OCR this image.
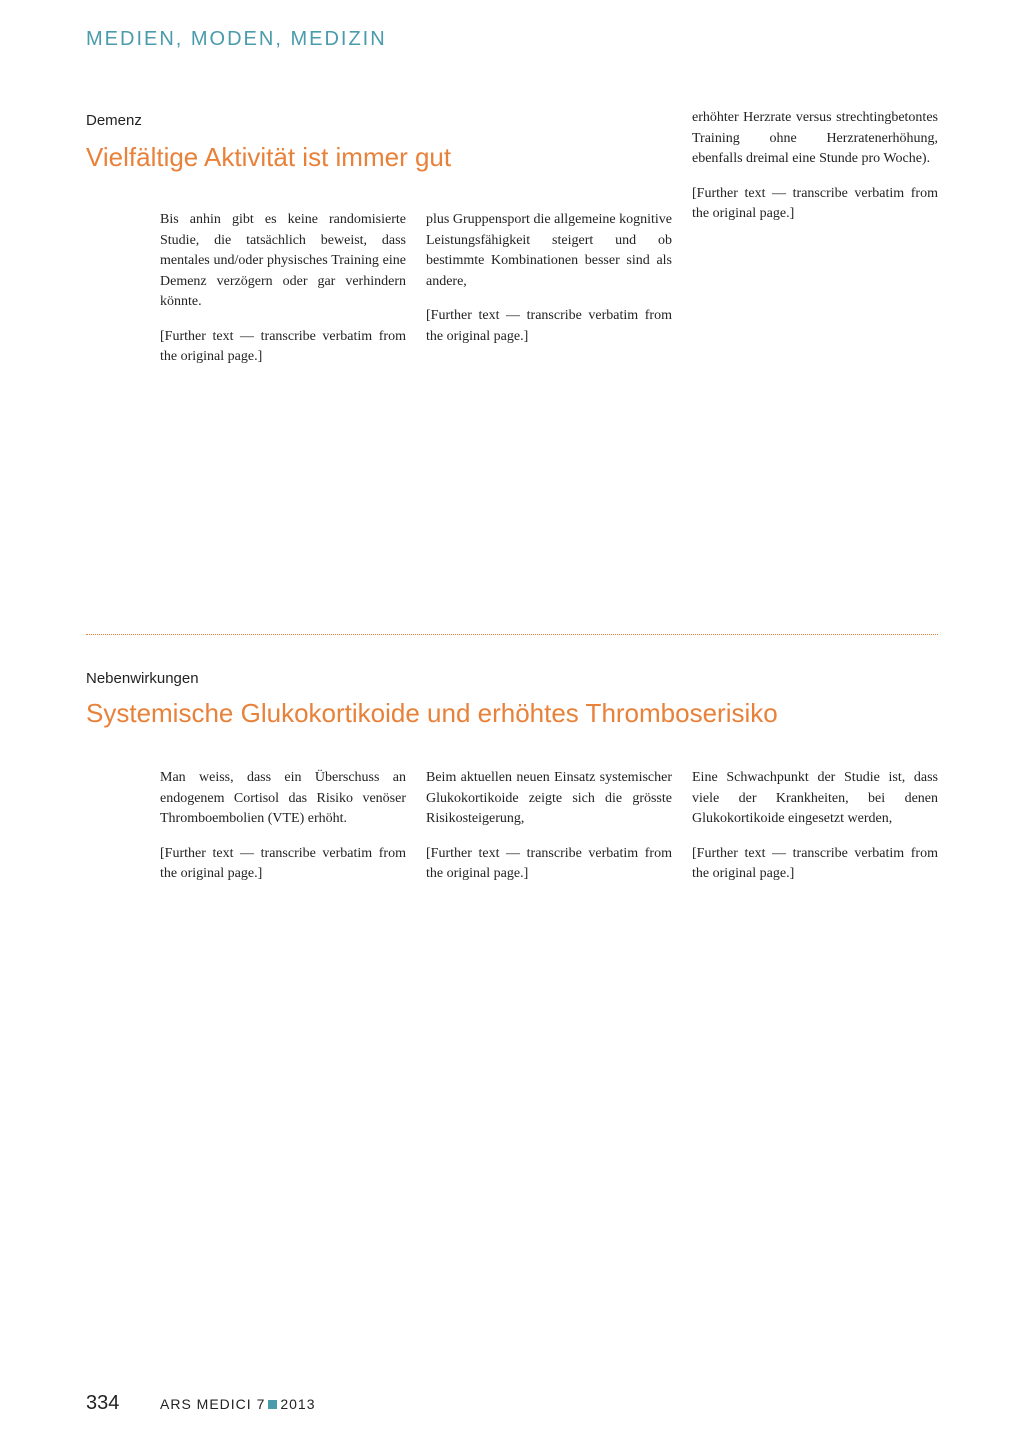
MEDIEN, MODEN, MEDIZIN
Demenz
Vielfältige Aktivität ist immer gut
Bis anhin gibt es keine randomisierte Studie, die tatsächlich beweist, dass mentales und/oder physisches Training eine Demenz verzögern oder gar verhindern könnte.

[Further text — transcribe verbatim from the original page.]

plus Gruppensport die allgemeine kognitive Leistungsfähigkeit steigert und ob bestimmte Kombinationen besser sind als andere,

[Further text — transcribe verbatim from the original page.]

erhöhter Herzrate versus strechtingbetontes Training ohne Herzratenerhöhung, ebenfalls dreimal eine Stunde pro Woche).

[Further text — transcribe verbatim from the original page.]

Nebenwirkungen
Systemische Glukokortikoide und erhöhtes Thromboserisiko
Man weiss, dass ein Überschuss an endogenem Cortisol das Risiko venöser Thromboembolien (VTE) erhöht.

[Further text — transcribe verbatim from the original page.]

Beim aktuellen neuen Einsatz systemischer Glukokortikoide zeigte sich die grösste Risikosteigerung,

[Further text — transcribe verbatim from the original page.]

Eine Schwachpunkt der Studie ist, dass viele der Krankheiten, bei denen Glukokortikoide eingesetzt werden,

[Further text — transcribe verbatim from the original page.]

334	ARS MEDICI 7 2013
